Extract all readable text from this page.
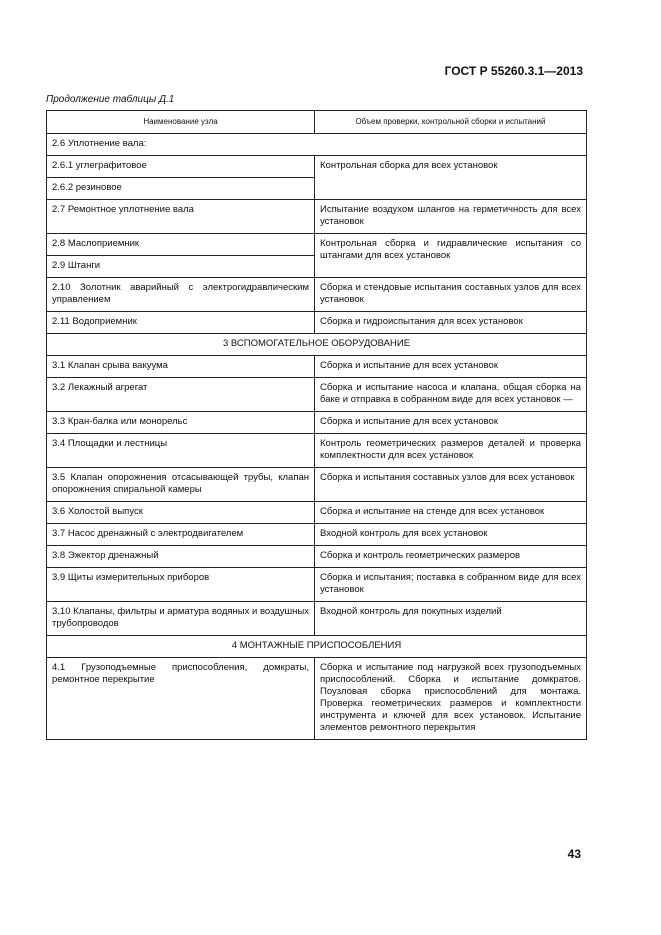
ГОСТ Р 55260.3.1—2013
Продолжение таблицы Д.1
Наименование узла	Объем проверки, контрольной сборки и испытаний
2.6 Уплотнение вала:	
2.6.1 углеграфитовое	Контрольная сборка для всех установок
2.6.2 резиновое	
2.7 Ремонтное уплотнение вала	Испытание воздухом шлангов на герметичность для всех установок
2.8 Маслоприемник	Контрольная сборка и гидравлические испытания со штангами для всех установок
2.9 Штанги	
2.10 Золотник аварийный с электрогидравлическим управлением	Сборка и стендовые испытания составных узлов для всех установок
2.11 Водоприемник	Сборка и гидроиспытания для всех установок
3 ВСПОМОГАТЕЛЬНОЕ ОБОРУДОВАНИЕ	
3.1 Клапан срыва вакуума	Сборка и испытание для всех установок
3.2 Лекажный агрегат	Сборка и испытание насоса и клапана, общая сборка на баке и отправка в собранном виде для всех установок —
3.3 Кран-балка или монорельс	Сборка и испытание для всех установок
3.4 Площадки и лестницы	Контроль геометрических размеров деталей и проверка комплектности для всех установок
3.5 Клапан опорожнения отсасывающей трубы, клапан опорожнения спиральной камеры	Сборка и испытания составных узлов для всех установок
3.6 Холостой выпуск	Сборка и испытание на стенде для всех установок
3.7 Насос дренажный с электродвигателем	Входной контроль для всех установок
3.8 Эжектор дренажный	Сборка и контроль геометрических размеров
3.9 Щиты измерительных приборов	Сборка и испытания; поставка в собранном виде для всех установок
3.10 Клапаны, фильтры и арматура водяных и воздушных трубопроводов	Входной контроль для покупных изделий
4 МОНТАЖНЫЕ ПРИСПОСОБЛЕНИЯ	
4.1 Грузоподъемные приспособления, домкраты, ремонтное перекрытие	Сборка и испытание под нагрузкой всех грузоподъемных приспособлений. Сборка и испытание домкратов. Поузловая сборка приспособлений для монтажа. Проверка геометрических размеров и комплектности инструмента и ключей для всех установок. Испытание элементов ремонтного перекрытия
43
